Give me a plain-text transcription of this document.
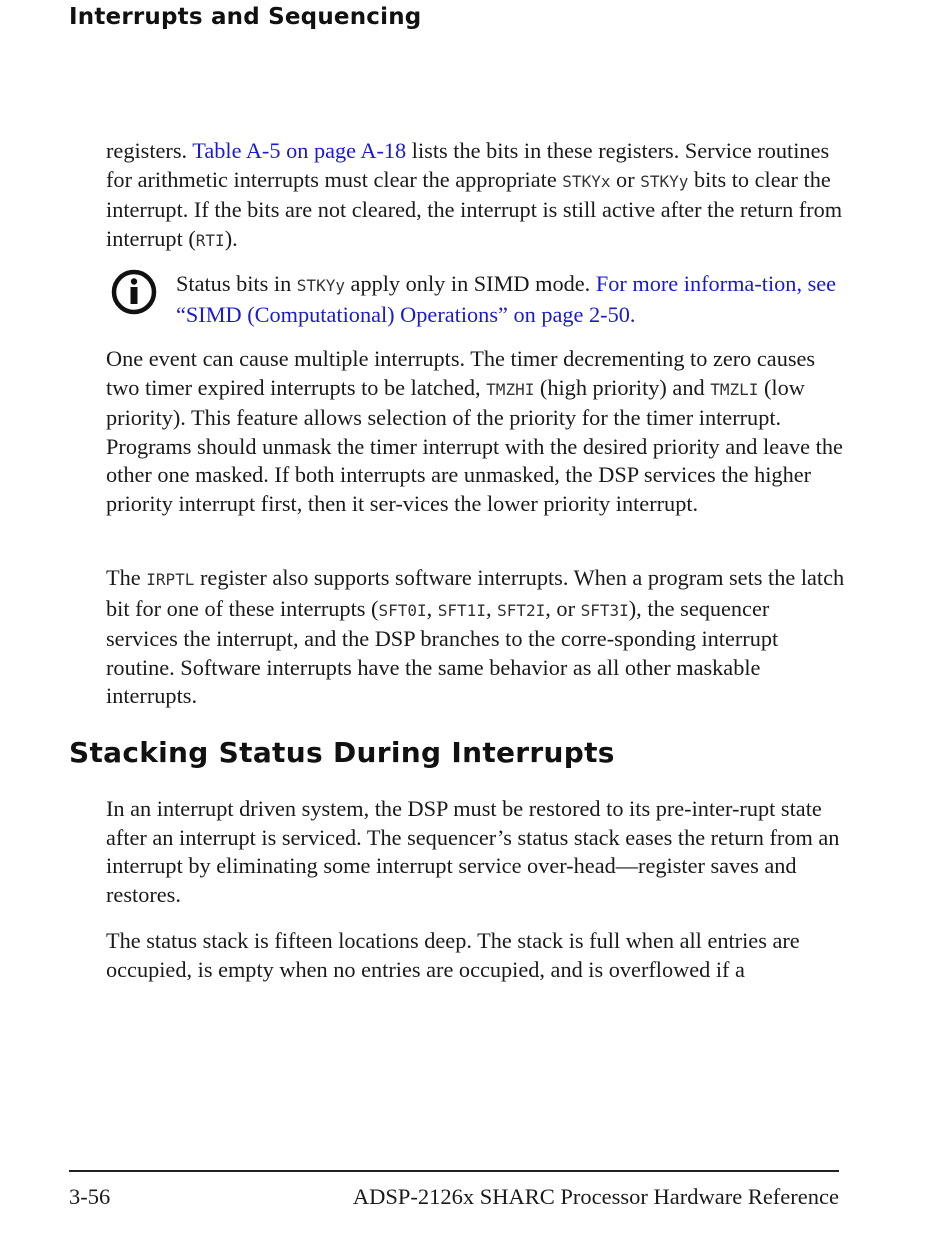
Interrupts and Sequencing

registers. Table A-5 on page A-18 lists the bits in these registers. Service routines for arithmetic interrupts must clear the appropriate STKYx or STKYy bits to clear the interrupt. If the bits are not cleared, the interrupt is still active after the return from interrupt (RTI).

Status bits in STKYy apply only in SIMD mode. For more informa-tion, see “SIMD (Computational) Operations” on page 2-50.

One event can cause multiple interrupts. The timer decrementing to zero causes two timer expired interrupts to be latched, TMZHI (high priority) and TMZLI (low priority). This feature allows selection of the priority for the timer interrupt. Programs should unmask the timer interrupt with the desired priority and leave the other one masked. If both interrupts are unmasked, the DSP services the higher priority interrupt first, then it ser-vices the lower priority interrupt.

The IRPTL register also supports software interrupts. When a program sets the latch bit for one of these interrupts (SFT0I, SFT1I, SFT2I, or SFT3I), the sequencer services the interrupt, and the DSP branches to the corre-sponding interrupt routine. Software interrupts have the same behavior as all other maskable interrupts.

Stacking Status During Interrupts

In an interrupt driven system, the DSP must be restored to its pre-inter-rupt state after an interrupt is serviced. The sequencer’s status stack eases the return from an interrupt by eliminating some interrupt service over-head—register saves and restores.

The status stack is fifteen locations deep. The stack is full when all entries are occupied, is empty when no entries are occupied, and is overflowed if a

3-56	ADSP-2126x SHARC Processor Hardware Reference
